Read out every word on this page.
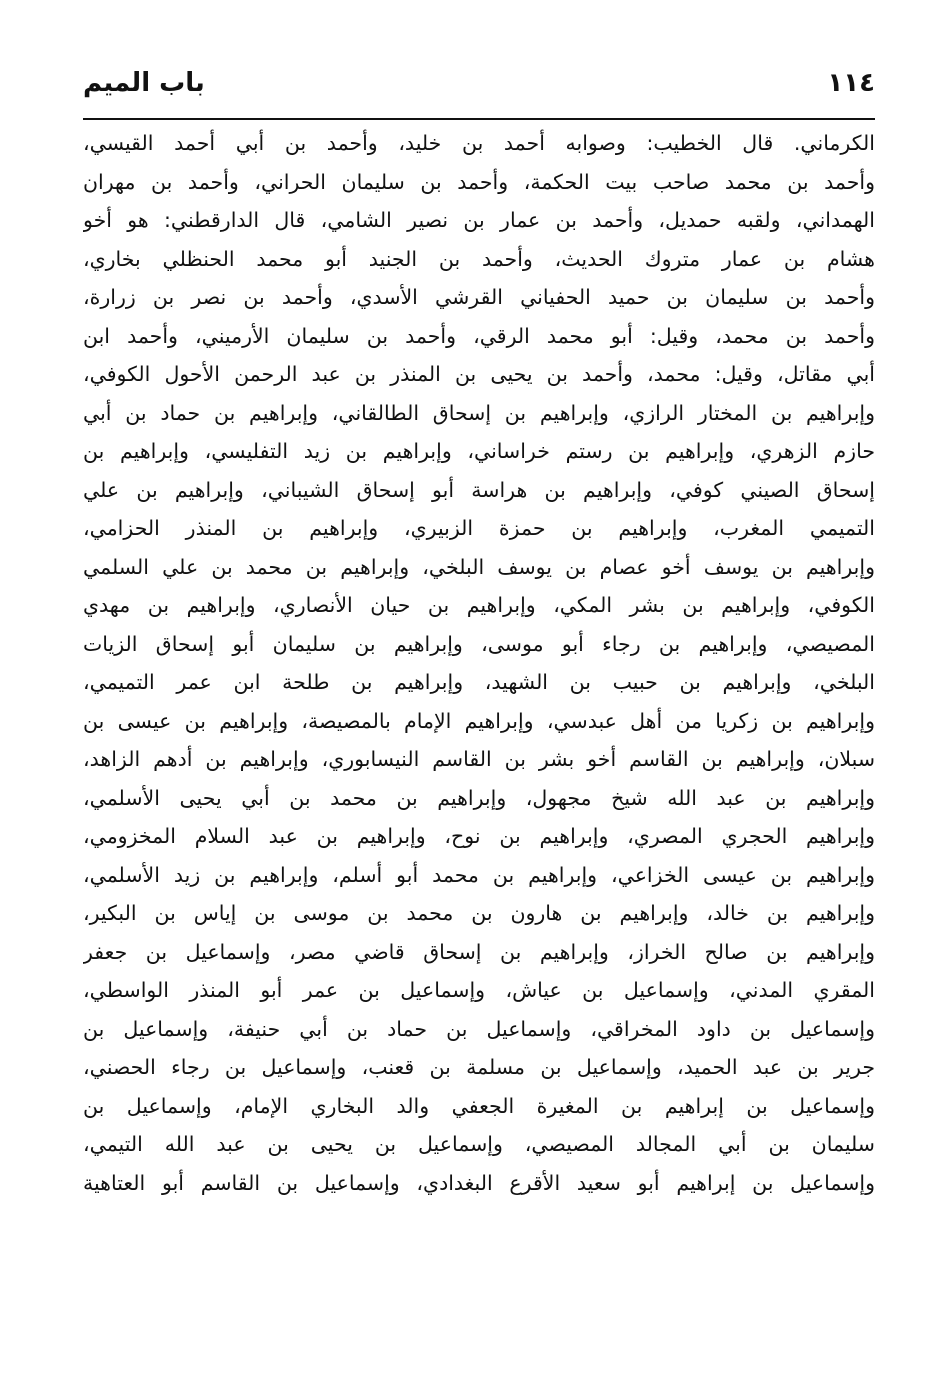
١١٤
باب الميم
الكرماني. قال الخطيب: وصوابه أحمد بن خليد، وأحمد بن أبي أحمد القيسي،
وأحمد بن محمد صاحب بيت الحكمة، وأحمد بن سليمان الحراني، وأحمد بن مهران
الهمداني، ولقبه حمديل، وأحمد بن عمار بن نصير الشامي، قال الدارقطني: هو أخو
هشام بن عمار متروك الحديث، وأحمد بن الجنيد أبو محمد الحنظلي بخاري،
وأحمد بن سليمان بن حميد الحفياني القرشي الأسدي، وأحمد بن نصر بن زرارة،
وأحمد بن محمد، وقيل: أبو محمد الرقي، وأحمد بن سليمان الأرميني، وأحمد ابن
أبي مقاتل، وقيل: محمد، وأحمد بن يحيى بن المنذر بن عبد الرحمن الأحول الكوفي،
وإبراهيم بن المختار الرازي، وإبراهيم بن إسحاق الطالقاني، وإبراهيم بن حماد بن أبي
حازم الزهري، وإبراهيم بن رستم خراساني، وإبراهيم بن زيد التفليسي، وإبراهيم بن
إسحاق الصيني كوفي، وإبراهيم بن هراسة أبو إسحاق الشيباني، وإبراهيم بن علي
التميمي المغرب، وإبراهيم بن حمزة الزبيري، وإبراهيم بن المنذر الحزامي،
وإبراهيم بن يوسف أخو عصام بن يوسف البلخي، وإبراهيم بن محمد بن علي السلمي
الكوفي، وإبراهيم بن بشر المكي، وإبراهيم بن حيان الأنصاري، وإبراهيم بن مهدي
المصيصي، وإبراهيم بن رجاء أبو موسى، وإبراهيم بن سليمان أبو إسحاق الزيات
البلخي، وإبراهيم بن حبيب بن الشهيد، وإبراهيم بن طلحة ابن عمر التميمي،
وإبراهيم بن زكريا من أهل عبدسي، وإبراهيم الإمام بالمصيصة، وإبراهيم بن عيسى بن
سبلان، وإبراهيم بن القاسم أخو بشر بن القاسم النيسابوري، وإبراهيم بن أدهم الزاهد،
وإبراهيم بن عبد الله شيخ مجهول، وإبراهيم بن محمد بن أبي يحيى الأسلمي،
وإبراهيم الحجري المصري، وإبراهيم بن نوح، وإبراهيم بن عبد السلام المخزومي،
وإبراهيم بن عيسى الخزاعي، وإبراهيم بن محمد أبو أسلم، وإبراهيم بن زيد الأسلمي،
وإبراهيم بن خالد، وإبراهيم بن هارون بن محمد بن موسى بن إياس بن البكير،
وإبراهيم بن صالح الخراز، وإبراهيم بن إسحاق قاضي مصر، وإسماعيل بن جعفر
المقري المدني، وإسماعيل بن عياش، وإسماعيل بن عمر أبو المنذر الواسطي،
وإسماعيل بن داود المخراقي، وإسماعيل بن حماد بن أبي حنيفة، وإسماعيل بن
جرير بن عبد الحميد، وإسماعيل بن مسلمة بن قعنب، وإسماعيل بن رجاء الحصني،
وإسماعيل بن إبراهيم بن المغيرة الجعفي والد البخاري الإمام، وإسماعيل بن
سليمان بن أبي المجالد المصيصي، وإسماعيل بن يحيى بن عبد الله التيمي،
وإسماعيل بن إبراهيم أبو سعيد الأقرع البغدادي، وإسماعيل بن القاسم أبو العتاهية
